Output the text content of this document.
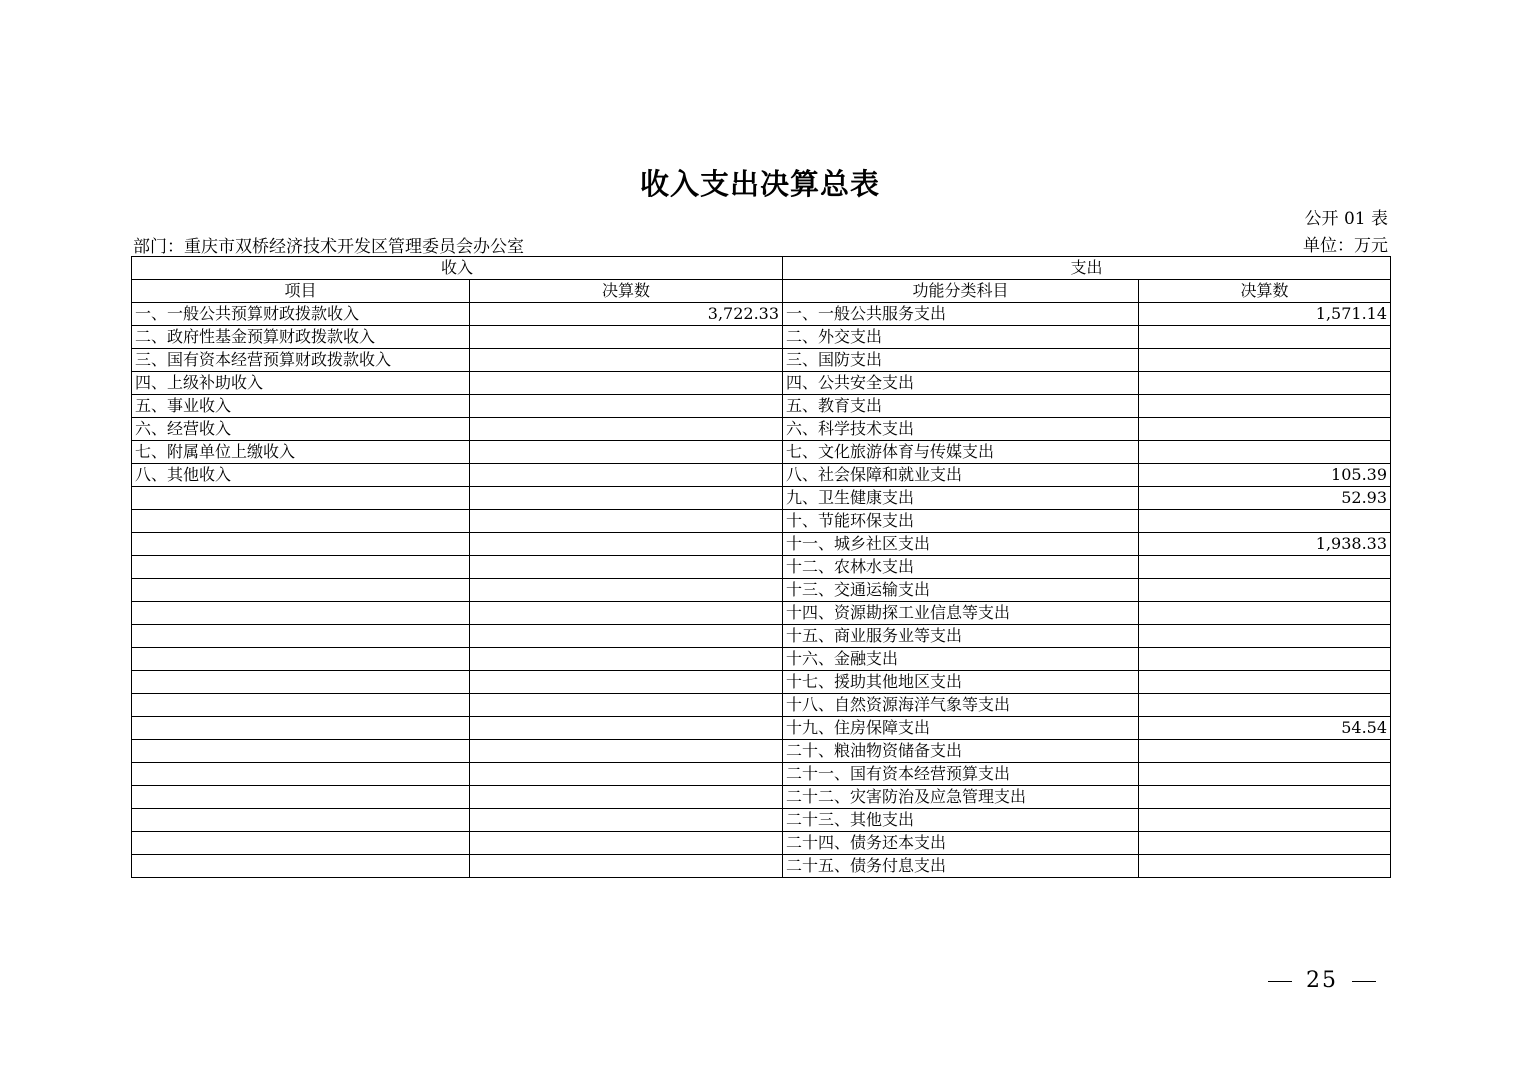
收入支出决算总表
公开 01 表
部门：重庆市双桥经济技术开发区管理委员会办公室	单位：万元
收入		支出	
项目	决算数	功能分类科目	决算数
一、一般公共预算财政拨款收入	3,722.33	一、一般公共服务支出	1,571.14
二、政府性基金预算财政拨款收入		二、外交支出	
三、国有资本经营预算财政拨款收入		三、国防支出	
四、上级补助收入		四、公共安全支出	
五、事业收入		五、教育支出	
六、经营收入		六、科学技术支出	
七、附属单位上缴收入		七、文化旅游体育与传媒支出	
八、其他收入		八、社会保障和就业支出	105.39
		九、卫生健康支出	52.93
		十、节能环保支出	
		十一、城乡社区支出	1,938.33
		十二、农林水支出	
		十三、交通运输支出	
		十四、资源勘探工业信息等支出	
		十五、商业服务业等支出	
		十六、金融支出	
		十七、援助其他地区支出	
		十八、自然资源海洋气象等支出	
		十九、住房保障支出	54.54
		二十、粮油物资储备支出	
		二十一、国有资本经营预算支出	
		二十二、灾害防治及应急管理支出	
		二十三、其他支出	
		二十四、债务还本支出	
		二十五、债务付息支出	
25
